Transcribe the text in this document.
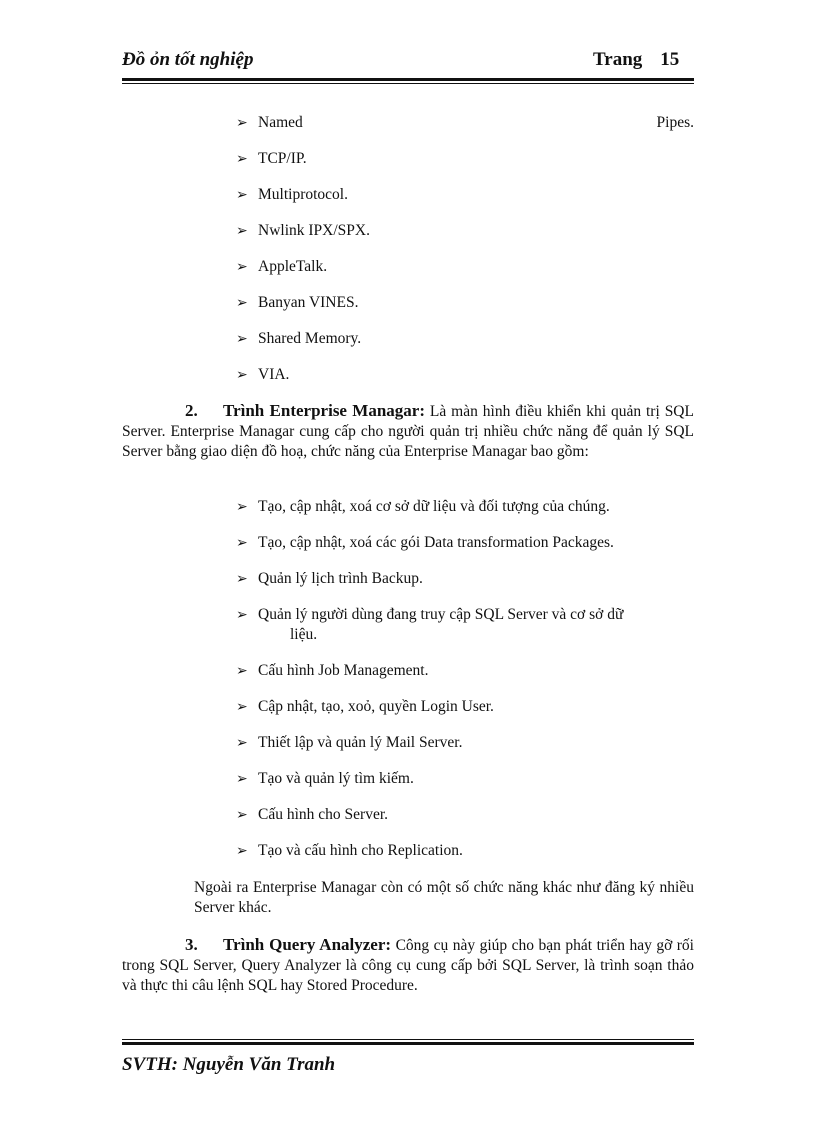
Đồ ỏn tốt nghiệp	Trang 15
➢ Named	Pipes.
➢ TCP/IP.
➢ Multiprotocol.
➢ Nwlink IPX/SPX.
➢ AppleTalk.
➢ Banyan VINES.
➢ Shared Memory.
➢ VIA.

2. Trình Enterprise Managar: Là màn hình điều khiển khi quản trị SQL Server. Enterprise Managar cung cấp cho người quản trị nhiều chức năng để quản lý SQL Server bằng giao diện đồ hoạ, chức năng của Enterprise Managar bao gồm:

➢ Tạo, cập nhật, xoá cơ sở dữ liệu và đối tượng của chúng.
➢ Tạo, cập nhật, xoá các gói Data transformation Packages.
➢ Quản lý lịch trình Backup.
➢ Quản lý người dùng đang truy cập SQL Server và cơ sở dữ
liệu.
➢ Cấu hình Job Management.
➢ Cập nhật, tạo, xoỏ, quyền Login User.
➢ Thiết lập và quản lý Mail Server.
➢ Tạo và quản lý tìm kiếm.
➢ Cấu hình cho Server.
➢ Tạo và cấu hình cho Replication.

Ngoài ra Enterprise Managar còn có một số chức năng khác như đăng ký nhiều Server khác.

3. Trình Query Analyzer: Công cụ này giúp cho bạn phát triển hay gỡ rối trong SQL Server, Query Analyzer là công cụ cung cấp bởi SQL Server, là trình soạn thảo và thực thi câu lệnh SQL hay Stored Procedure.

SVTH: Nguyễn Văn Tranh
